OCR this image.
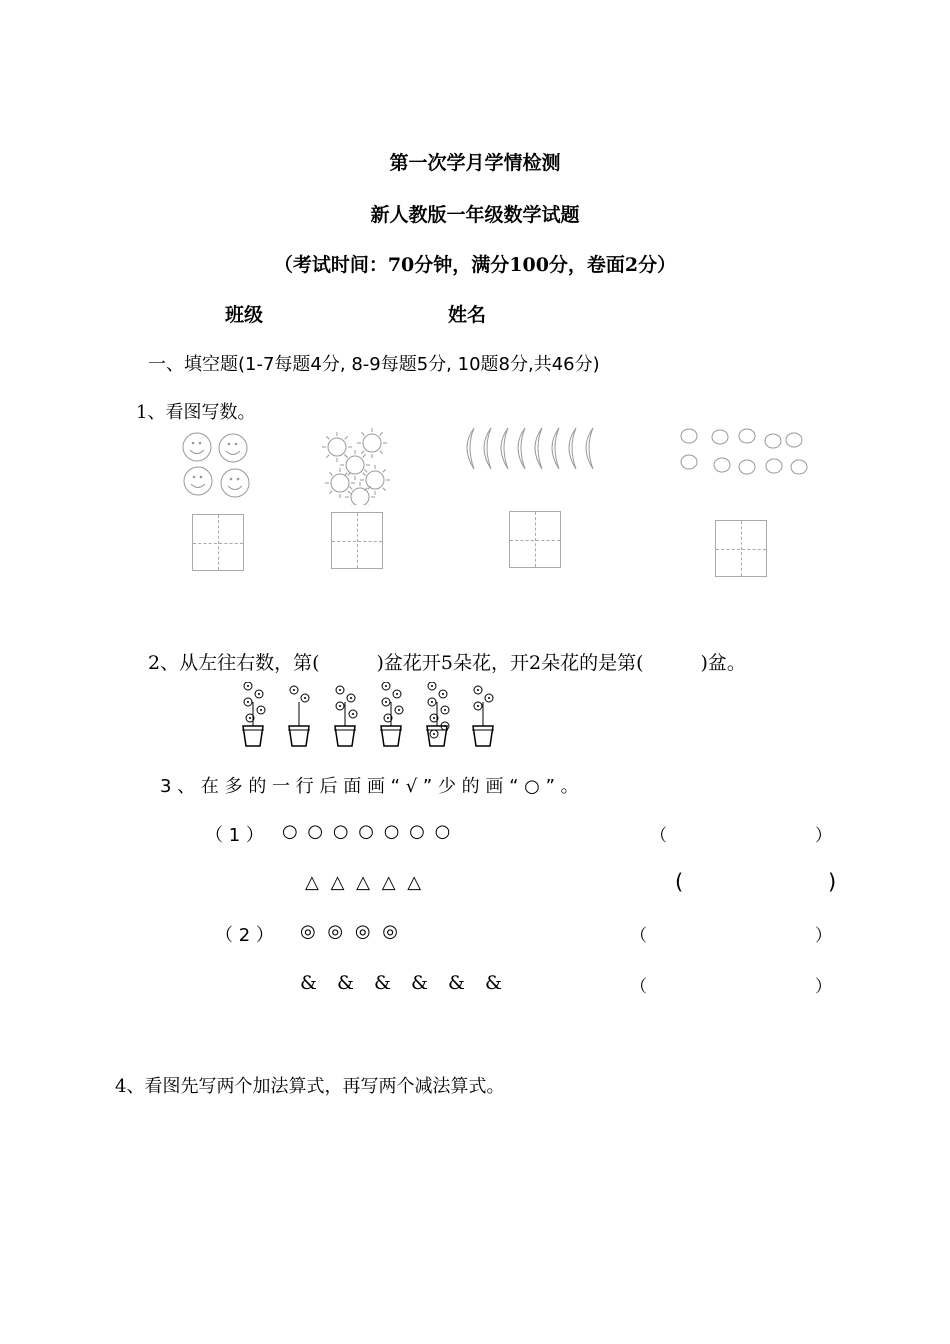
第一次学月学情检测
新人教版一年级数学试题
（考试时间：70分钟，满分100分，卷面2分）
班级	姓名
一、填空题(1-7每题4分, 8-9每题5分, 10题8分,共46分)
1、看图写数。
2、从左往右数，第(　　　)盆花开5朵花，开2朵花的是第(　　　)盆。
3 、 在 多 的 一 行 后 面 画 “ √ ” 少 的 画 “ ○ ” 。
（ 1 ） ○ ○ ○ ○ ○ ○ ○	（	）
△ △ △ △ △	(	)
（ 2 ） ◎ ◎ ◎ ◎	（	）
&  &  &  &  &  &	（	）
4、看图先写两个加法算式，再写两个减法算式。
